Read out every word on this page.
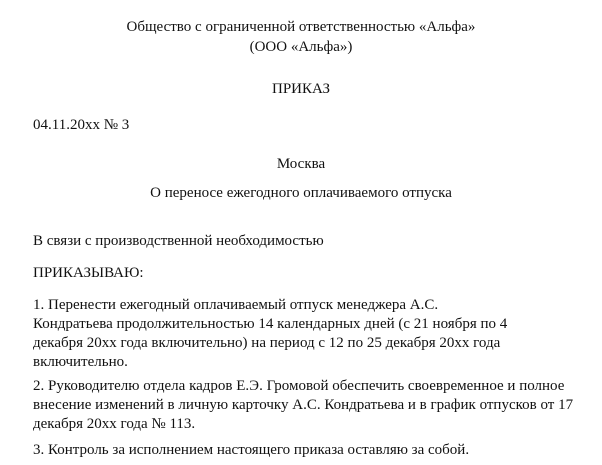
Общество с ограниченной ответственностью «Альфа»
(ООО «Альфа»)
ПРИКАЗ
04.11.20хх № 3
Москва
О переносе ежегодного оплачиваемого отпуска
В связи с производственной необходимостью
ПРИКАЗЫВАЮ:
1. Перенести ежегодный оплачиваемый отпуск менеджера А.С.
Кондратьева продолжительностью 14 календарных дней (с 21 ноября по 4
декабря 20хх года включительно) на период с 12 по 25 декабря 20хх года
включительно.
2. Руководителю отдела кадров Е.Э. Громовой обеспечить своевременное и полное
внесение изменений в личную карточку А.С. Кондратьева и в график отпусков от 17
декабря 20хх года № 113.
3. Контроль за исполнением настоящего приказа оставляю за собой.
